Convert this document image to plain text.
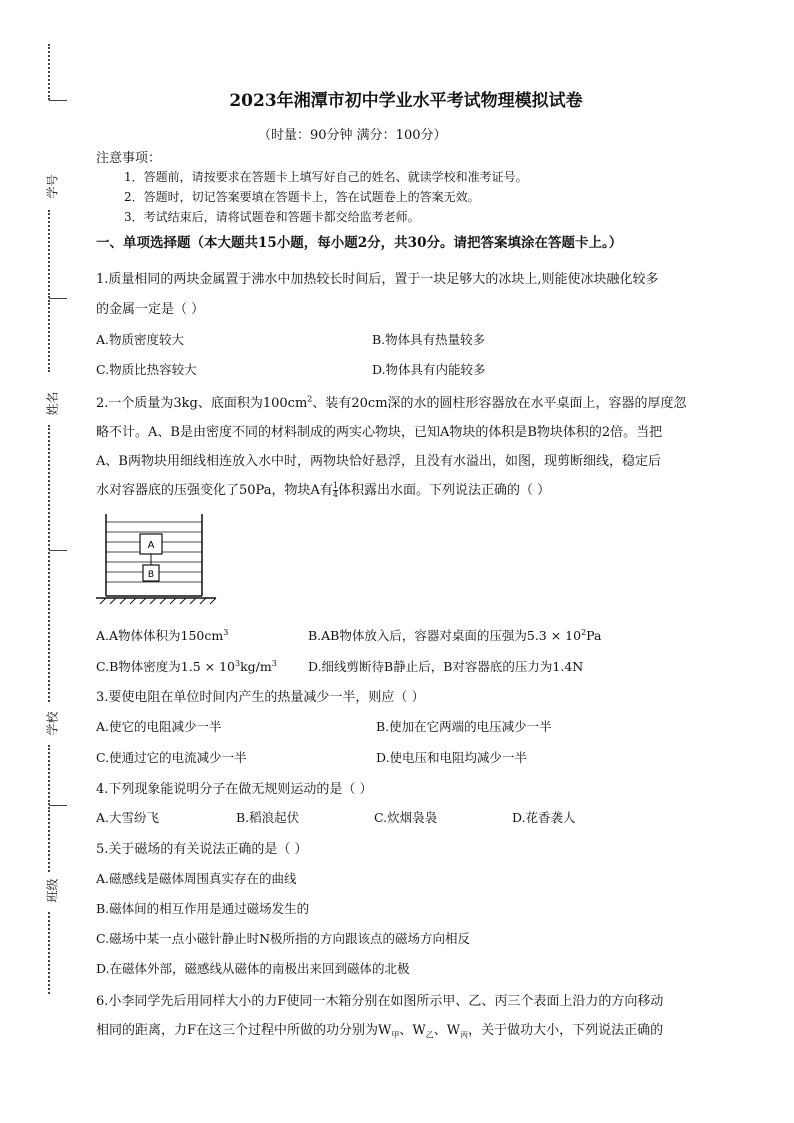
学号
姓名
学校
班级
2023年湘潭市初中学业水平考试物理模拟试卷
（时量：90分钟 满分：100分）
注意事项：
1．答题前，请按要求在答题卡上填写好自己的姓名、就读学校和准考证号。
2．答题时，切记答案要填在答题卡上，答在试题卷上的答案无效。
3．考试结束后，请将试题卷和答题卡都交给监考老师。
一、单项选择题（本大题共15小题，每小题2分，共30分。请把答案填涂在答题卡上。）
1.质量相同的两块金属置于沸水中加热较长时间后，置于一块足够大的冰块上,则能使冰块融化较多
的金属一定是（ ）
A.物质密度较大	B.物体具有热量较多
C.物质比热容较大	D.物体具有内能较多
2.一个质量为3kg、底面积为$100cm^2$、装有20cm深的水的圆柱形容器放在水平桌面上，容器的厚度忽
略不计。A、B是由密度不同的材料制成的两实心物块，已知A物块的体积是B物块体积的2倍。当把
A、B两物块用细线相连放入水中时，两物块恰好悬浮，且没有水溢出，如图，现剪断细线，稳定后
水对容器底的压强变化了50Pa，物块A有 $\frac{1}{4}$ 体积露出水面。下列说法正确的（ ）
A
B
A.A物体体积为$150cm^3$	B.AB物体放入后，容器对桌面的压强为$5.3 \times 10^2Pa$
C.B物体密度为$1.5 \times 10^3kg/m^3$ D.细线剪断待B静止后，B对容器底的压力为1.4N
3.要使电阻在单位时间内产生的热量减少一半，则应（ ）
A.使它的电阻减少一半	B.使加在它两端的电压减少一半
C.使通过它的电流减少一半	D.使电压和电阻均减少一半
4.下列现象能说明分子在做无规则运动的是（ ）
A.大雪纷飞	B.稻浪起伏	C.炊烟袅袅	D.花香袭人
5.关于磁场的有关说法正确的是（ ）
A.磁感线是磁体周围真实存在的曲线
B.磁体间的相互作用是通过磁场发生的
C.磁场中某一点小磁针静止时N极所指的方向跟该点的磁场方向相反
D.在磁体外部，磁感线从磁体的南极出来回到磁体的北极
6.小李同学先后用同样大小的力F使同一木箱分别在如图所示甲、乙、丙三个表面上沿力的方向移动
相同的距离，力F在这三个过程中所做的功分别为$W_甲$、$W_乙$、$W_丙$，关于做功大小，下列说法正确的
